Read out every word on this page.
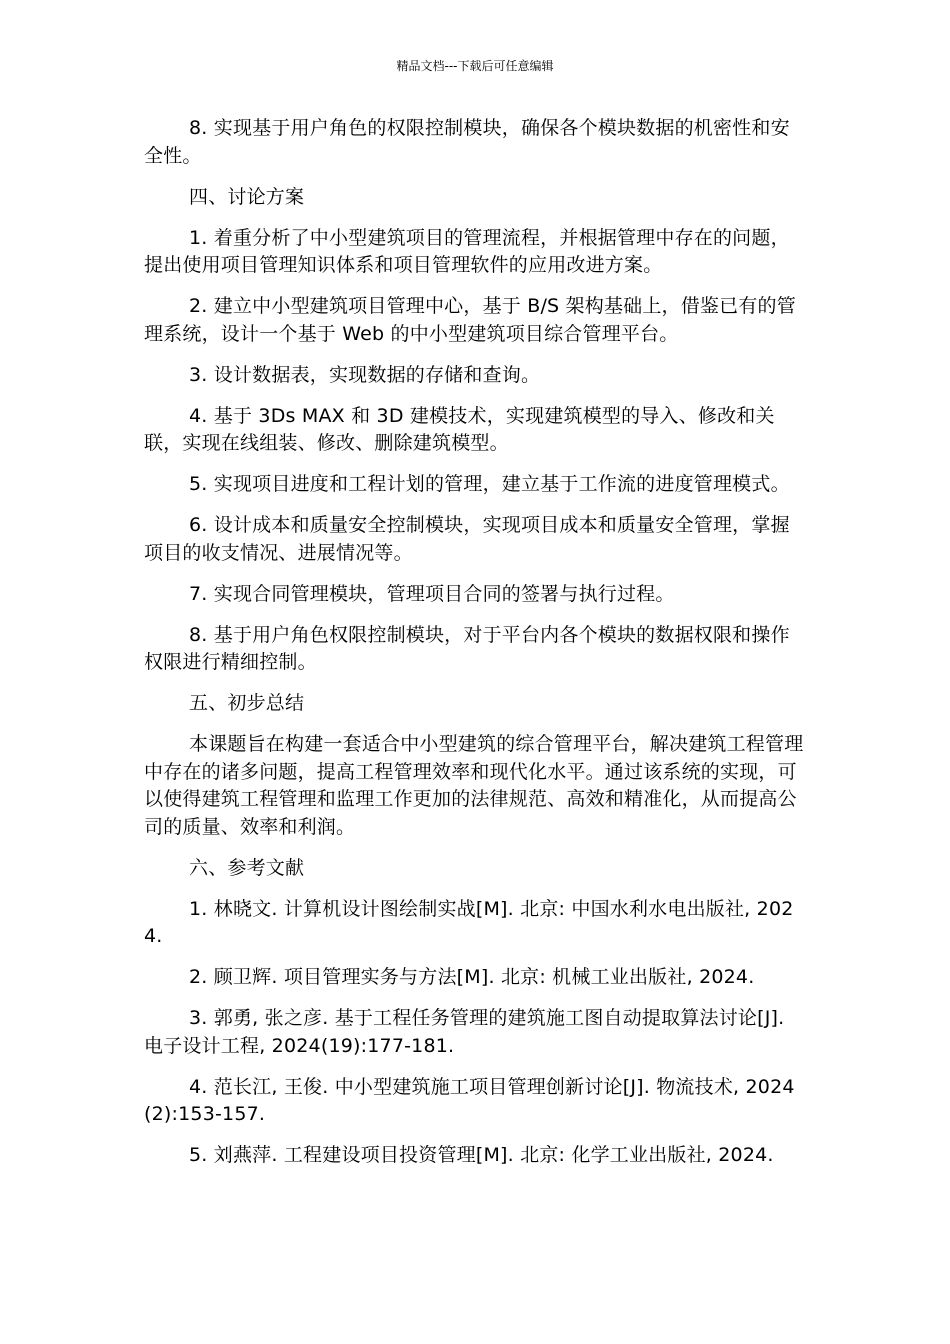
精品文档---下载后可任意编辑

8. 实现基于用户角色的权限控制模块，确保各个模块数据的机密性和安全性。

四、讨论方案

1. 着重分析了中小型建筑项目的管理流程，并根据管理中存在的问题，提出使用项目管理知识体系和项目管理软件的应用改进方案。

2. 建立中小型建筑项目管理中心，基于 B/S 架构基础上，借鉴已有的管理系统，设计一个基于 Web 的中小型建筑项目综合管理平台。

3. 设计数据表，实现数据的存储和查询。

4. 基于 3Ds MAX 和 3D 建模技术，实现建筑模型的导入、修改和关联，实现在线组装、修改、删除建筑模型。

5. 实现项目进度和工程计划的管理，建立基于工作流的进度管理模式。

6. 设计成本和质量安全控制模块，实现项目成本和质量安全管理，掌握项目的收支情况、进展情况等。

7. 实现合同管理模块，管理项目合同的签署与执行过程。

8. 基于用户角色权限控制模块，对于平台内各个模块的数据权限和操作权限进行精细控制。

五、初步总结

本课题旨在构建一套适合中小型建筑的综合管理平台，解决建筑工程管理中存在的诸多问题，提高工程管理效率和现代化水平。通过该系统的实现，可以使得建筑工程管理和监理工作更加的法律规范、高效和精准化，从而提高公司的质量、效率和利润。

六、参考文献

1. 林晓文. 计算机设计图绘制实战[M]. 北京: 中国水利水电出版社, 2024.

2. 顾卫辉. 项目管理实务与方法[M]. 北京: 机械工业出版社, 2024.

3. 郭勇, 张之彦. 基于工程任务管理的建筑施工图自动提取算法讨论[J]. 电子设计工程, 2024(19):177-181.

4. 范长江, 王俊. 中小型建筑施工项目管理创新讨论[J]. 物流技术, 2024(2):153-157.

5. 刘燕萍. 工程建设项目投资管理[M]. 北京: 化学工业出版社, 2024.
